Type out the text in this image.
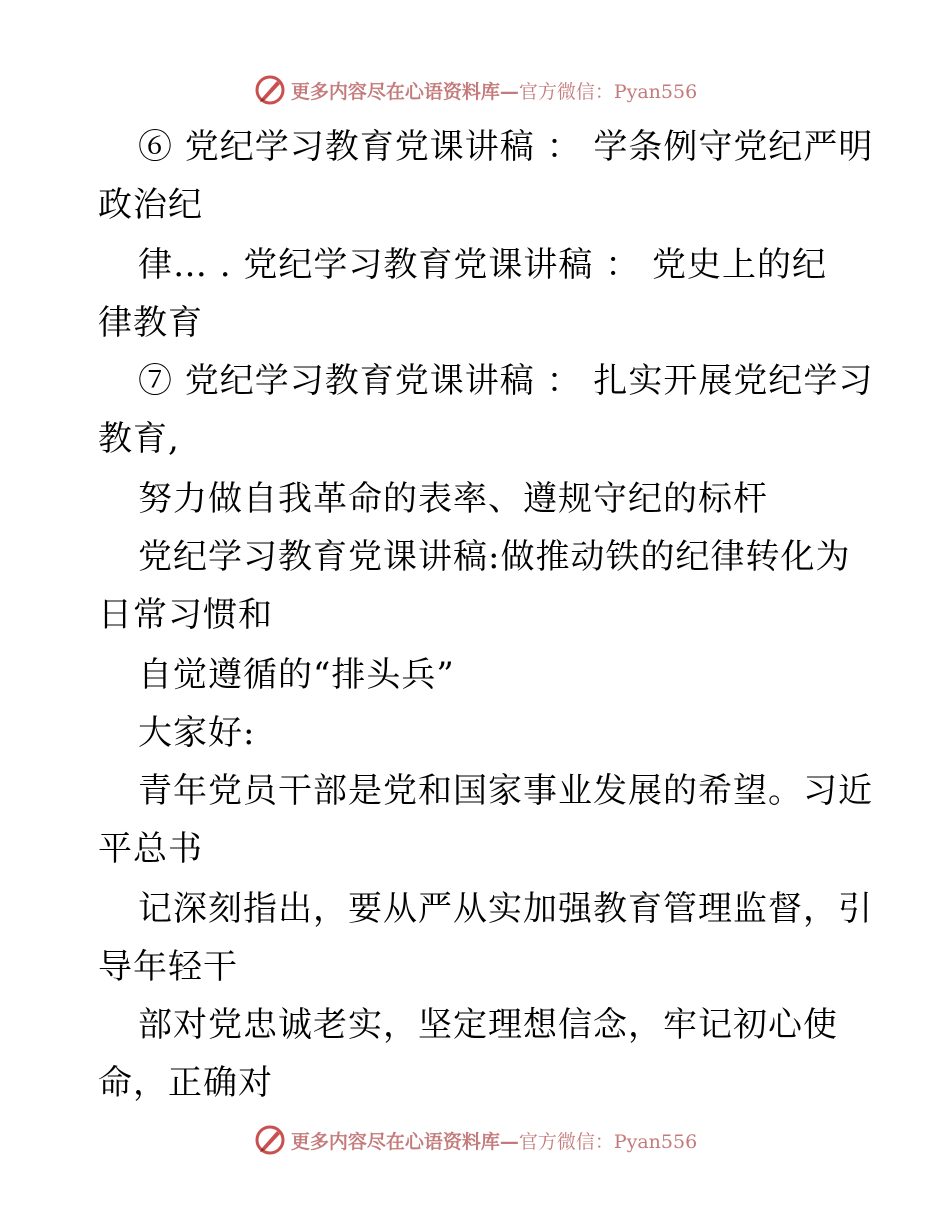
更多内容尽在心语资料库—官方微信：Pyan556
⑥ 党纪学习教育党课讲稿 ： 学条例守党纪严明
政治纪
律… . 党纪学习教育党课讲稿 ： 党史上的纪
律教育
⑦ 党纪学习教育党课讲稿 ： 扎实开展党纪学习
教育,
努力做自我革命的表率、遵规守纪的标杆
党纪学习教育党课讲稿:做推动铁的纪律转化为
日常习惯和
自觉遵循的“排头兵”
大家好:
青年党员干部是党和国家事业发展的希望。习近
平总书
记深刻指出，要从严从实加强教育管理监督，引
导年轻干
部对党忠诚老实，坚定理想信念，牢记初心使
命，正确对
更多内容尽在心语资料库—官方微信：Pyan556
